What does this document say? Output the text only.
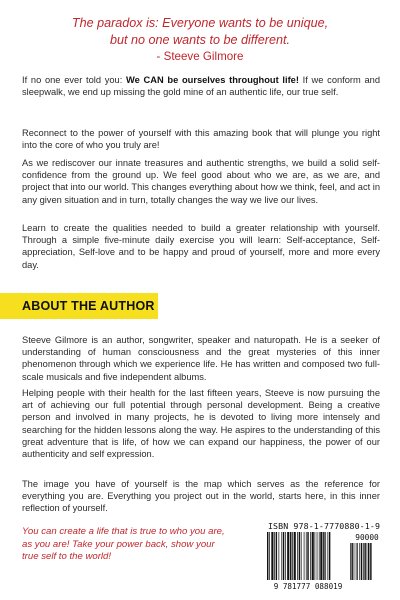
The paradox is: Everyone wants to be unique,
but no one wants to be different.
- Steeve Gilmore

If no one ever told you: We CAN be ourselves throughout life! If we conform and sleepwalk, we end up missing the gold mine of an authentic life, our true self.

Reconnect to the power of yourself with this amazing book that will plunge you right into the core of who you truly are!

As we rediscover our innate treasures and authentic strengths, we build a solid self-confidence from the ground up. We feel good about who we are, as we are, and project that into our world. This changes everything about how we think, feel, and act in any given situation and in turn, totally changes the way we live our lives.

Learn to create the qualities needed to build a greater relationship with yourself. Through a simple five-minute daily exercise you will learn: Self-acceptance, Self-appreciation, Self-love and to be happy and proud of yourself, more and more every day.

ABOUT THE AUTHOR

Steeve Gilmore is an author, songwriter, speaker and naturopath. He is a seeker of understanding of human consciousness and the great mysteries of this inner phenomenon through which we experience life. He has written and composed two full-scale musicals and five independent albums.

Helping people with their health for the last fifteen years, Steeve is now pursuing the art of achieving our full potential through personal development. Being a creative person and involved in many projects, he is devoted to living more intensely and searching for the hidden lessons along the way. He aspires to the understanding of this great adventure that is life, of how we can expand our happiness, the power of our authenticity and self expression.

The image you have of yourself is the map which serves as the reference for everything you are. Everything you project out in the world, starts here, in this inner reflection of yourself.

You can create a life that is true to who you are,
as you are! Take your power back, show your
true self to the world!
ISBN 978-1-7770880-1-9
90000
9 781777 088019
